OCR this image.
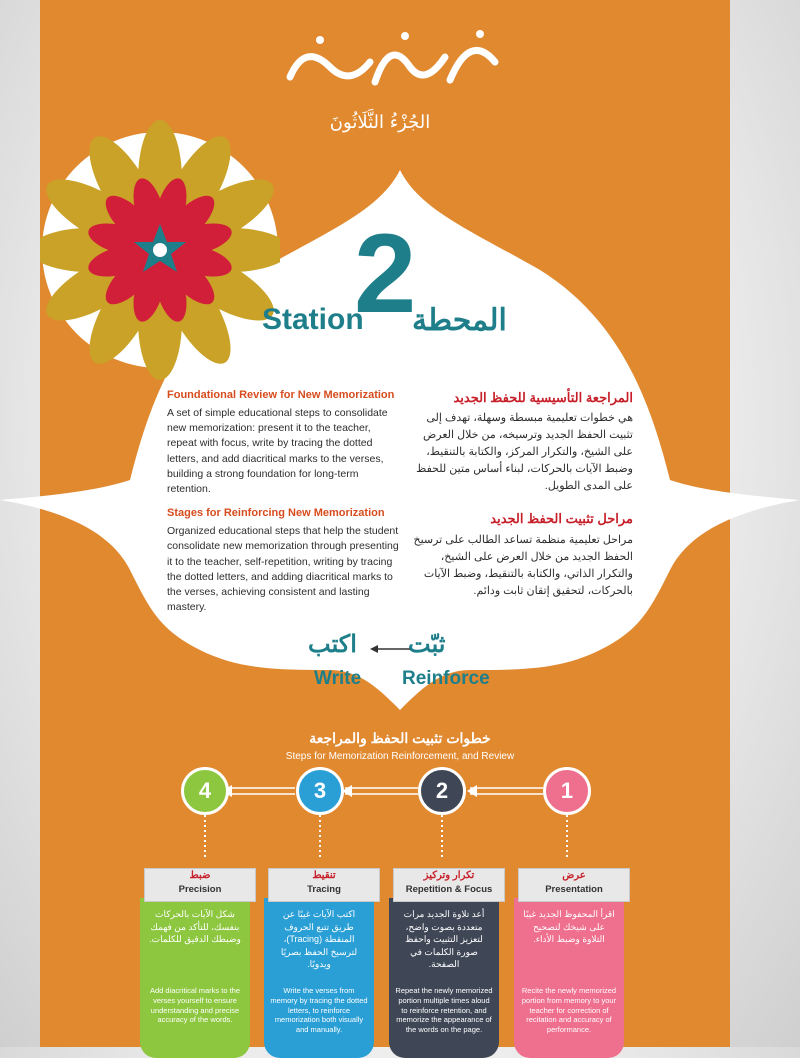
الجُزْءُ الثَّلَاثُونَ
Station
2
المحطة
Foundational Review for New Memorization

A set of simple educational steps to consolidate new memorization: present it to the teacher, repeat with focus, write by tracing the dotted letters, and add diacritical marks to the verses, building a strong foundation for long-term retention.

Stages for Reinforcing New Memorization

Organized educational steps that help the student consolidate new memorization through presenting it to the teacher, self-repetition, writing by tracing the dotted letters, and adding diacritical marks to the verses, achieving consistent and lasting mastery.

المراجعة التأسيسية للحفظ الجديد

هي خطوات تعليمية مبسطة وسهلة، تهدف إلى تثبيت الحفظ الجديد وترسيخه، من خلال العرض على الشيخ، والتكرار المركز، والكتابة بالتنقيط، وضبط الآيات بالحركات، لبناء أساس متين للحفظ على المدى الطويل.

مراحل تثبيت الحفظ الجديد

مراحل تعليمية منظمة تساعد الطالب على ترسيخ الحفظ الجديد من خلال العرض على الشيخ، والتكرار الذاتي، والكتابة بالتنقيط، وضبط الآيات بالحركات، لتحقيق إتقان ثابت ودائم.

ثبّت
اكتب
Reinforce
Write
خطوات تثبيت الحفظ والمراجعة
Steps for Memorization Reinforcement, and Review
4	3	2	1
ضبط
Precision
شكل الآيات بالحركات بنفسك، للتأكد من فهمك وضبطك الدقيق للكلمات.
Add diacritical marks to the verses yourself to ensure understanding and precise accuracy of the words.
تنقيط
Tracing
اكتب الآيات غيبًا عن طريق تتبع الحروف المنقطة (Tracing)، لترسيخ الحفظ بصريًا ويدويًا.
Write the verses from memory by tracing the dotted letters, to reinforce memorization both visually and manually.
تكرار وتركيز
Repetition & Focus
أعد تلاوة الجديد مرات متعددة بصوت واضح، لتعزيز التثبيت واحفظ صورة الكلمات في الصفحة.
Repeat the newly memorized portion multiple times aloud to reinforce retention, and memorize the appearance of the words on the page.
عرض
Presentation
اقرأ المحفوظ الجديد غيبًا على شيخك لتصحيح التلاوة وضبط الأداء.
Recite the newly memorized portion from memory to your teacher for correction of recitation and accuracy of performance.
